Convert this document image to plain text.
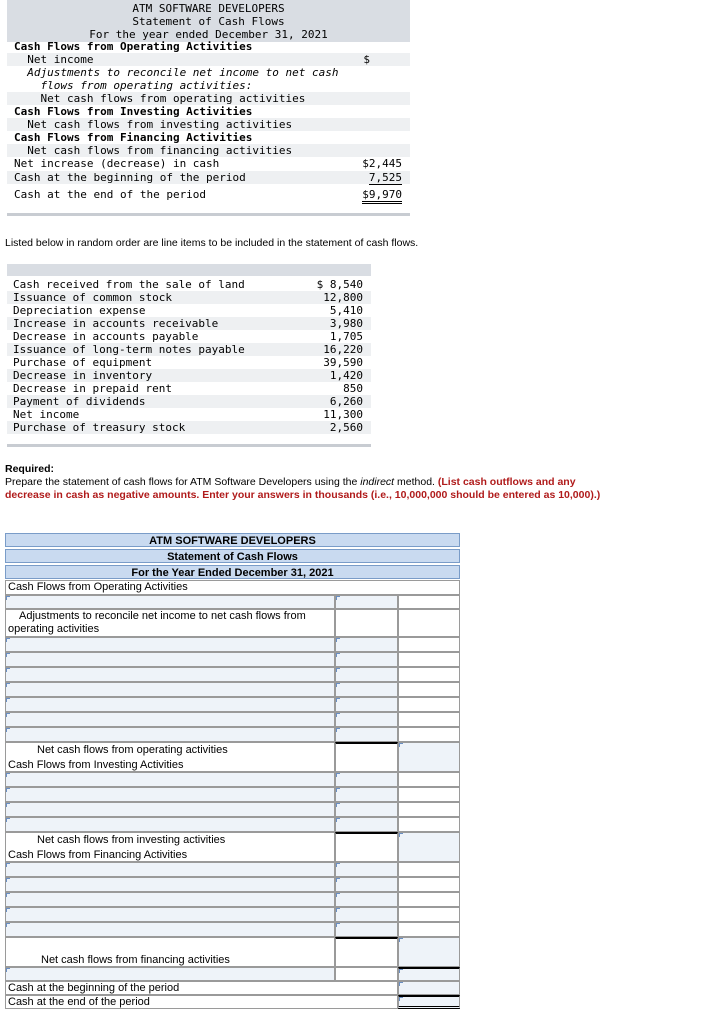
ATM SOFTWARE DEVELOPERS
Statement of Cash Flows
For the year ended December 31, 2021
Cash Flows from Operating Activities
Net income	$
Adjustments to reconcile net income to net cash
flows from operating activities:
Net cash flows from operating activities
Cash Flows from Investing Activities
Net cash flows from investing activities
Cash Flows from Financing Activities
Net cash flows from financing activities
Net increase (decrease) in cash	$2,445
Cash at the beginning of the period	7,525
Cash at the end of the period	$9,970
Listed below in random order are line items to be included in the statement of cash flows.
Cash received from the sale of land	$ 8,540
Issuance of common stock	12,800
Depreciation expense	5,410
Increase in accounts receivable	3,980
Decrease in accounts payable	1,705
Issuance of long-term notes payable	16,220
Purchase of equipment	39,590
Decrease in inventory	1,420
Decrease in prepaid rent	850
Payment of dividends	6,260
Net income	11,300
Purchase of treasury stock	2,560
Required:
Prepare the statement of cash flows for ATM Software Developers using the indirect method. (List cash outflows and any decrease in cash as negative amounts. Enter your answers in thousands (i.e., 10,000,000 should be entered as 10,000).)
ATM SOFTWARE DEVELOPERS
Statement of Cash Flows
For the Year Ended December 31, 2021
Cash Flows from Operating Activities
Adjustments to reconcile net income to net cash flows from
operating activities
Net cash flows from operating activities
Cash Flows from Investing Activities
Net cash flows from investing activities
Cash Flows from Financing Activities
Net cash flows from financing activities
Cash at the beginning of the period
Cash at the end of the period
